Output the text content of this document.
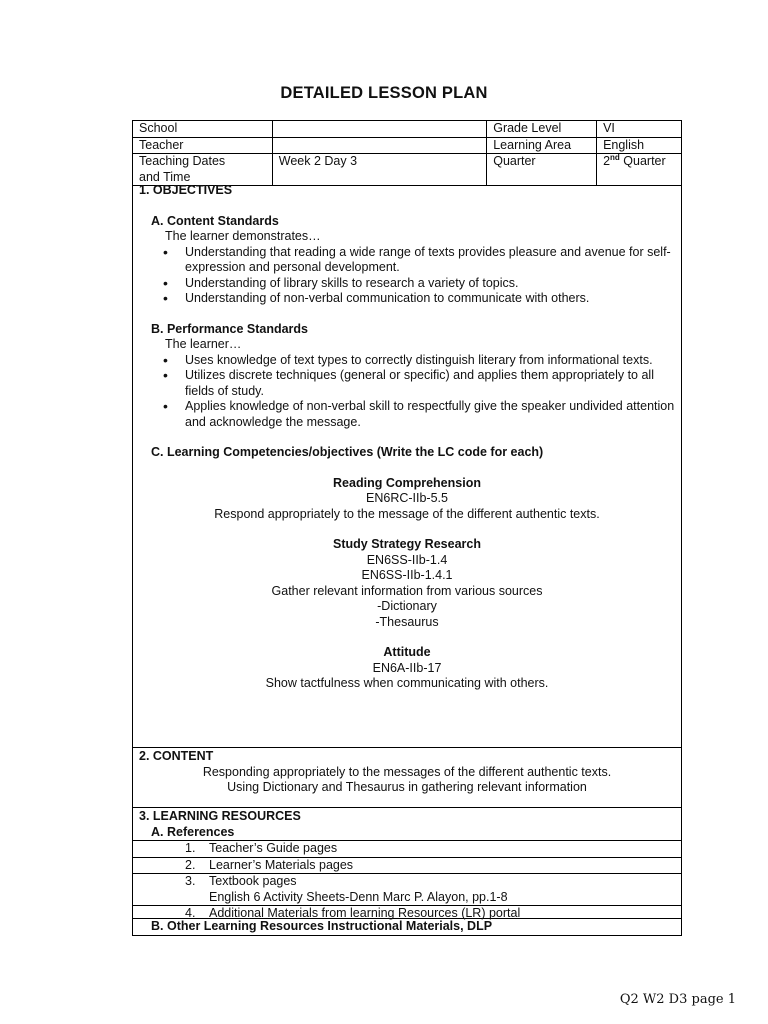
DETAILED LESSON PLAN
School		Grade Level	VI
Teacher		Learning Area	English
Teaching Dates
and Time	Week 2 Day 3	Quarter	2nd Quarter
1. OBJECTIVES
A. Content Standards
The learner demonstrates…
• Understanding that reading a wide range of texts provides pleasure and avenue for self-expression and personal development.
• Understanding of library skills to research a variety of topics.
• Understanding of non-verbal communication to communicate with others.
B. Performance Standards
The learner…
• Uses knowledge of text types to correctly distinguish literary from informational texts.
• Utilizes discrete techniques (general or specific) and applies them appropriately to all fields of study.
• Applies knowledge of non-verbal skill to respectfully give the speaker undivided attention and acknowledge the message.
C. Learning Competencies/objectives (Write the LC code for each)
Reading Comprehension
EN6RC-IIb-5.5
Respond appropriately to the message of the different authentic texts.
Study Strategy Research
EN6SS-IIb-1.4
EN6SS-IIb-1.4.1
Gather relevant information from various sources
-Dictionary
-Thesaurus
Attitude
EN6A-IIb-17
Show tactfulness when communicating with others.
2. CONTENT
Responding appropriately to the messages of the different authentic texts.
Using Dictionary and Thesaurus in gathering relevant information
3. LEARNING RESOURCES
A. References
1. Teacher’s Guide pages
2. Learner’s Materials pages
3. Textbook pages
English 6 Activity Sheets-Denn Marc P. Alayon, pp.1-8
4. Additional Materials from learning Resources (LR) portal
B. Other Learning Resources Instructional Materials, DLP
Q2 W2 D3 page 1
